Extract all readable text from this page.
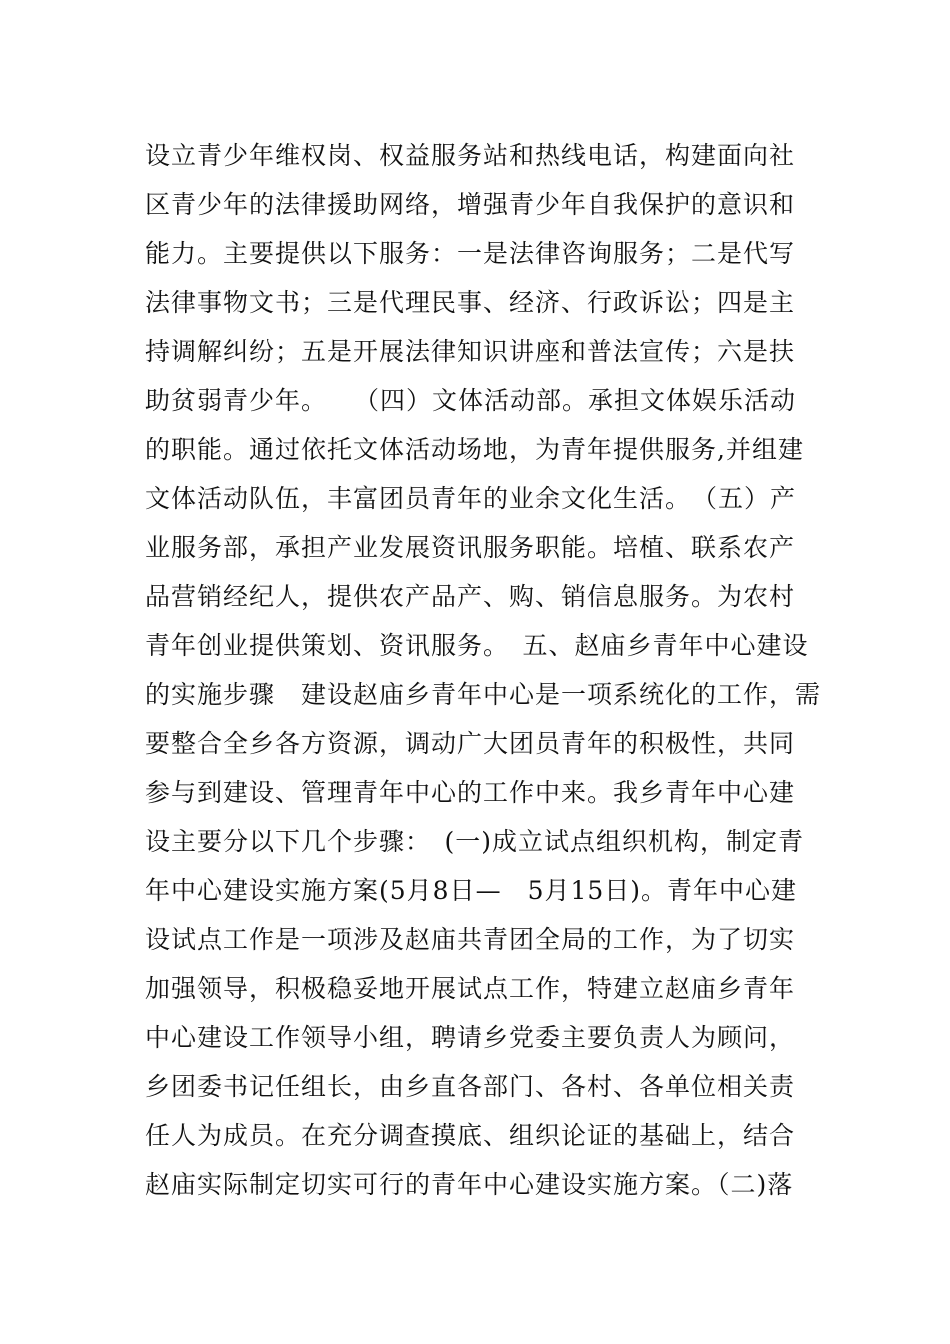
设立青少年维权岗、权益服务站和热线电话，构建面向社
区青少年的法律援助网络，增强青少年自我保护的意识和
能力。主要提供以下服务：一是法律咨询服务；二是代写
法律事物文书；三是代理民事、经济、行政诉讼；四是主
持调解纠纷；五是开展法律知识讲座和普法宣传；六是扶
助贫弱青少年。　　（四）文体活动部。承担文体娱乐活动
的职能。通过依托文体活动场地，为青年提供服务,并组建
文体活动队伍，丰富团员青年的业余文化生活。　（五）产
业服务部，承担产业发展资讯服务职能。培植、联系农产
品营销经纪人，提供农产品产、购、销信息服务。为农村
青年创业提供策划、资讯服务。　五、赵庙乡青年中心建设
的实施步骤　建设赵庙乡青年中心是一项系统化的工作，需
要整合全乡各方资源，调动广大团员青年的积极性，共同
参与到建设、管理青年中心的工作中来。我乡青年中心建
设主要分以下几个步骤：　(一)成立试点组织机构，制定青
年中心建设实施方案(5月8日—　5月15日)。青年中心建
设试点工作是一项涉及赵庙共青团全局的工作，为了切实
加强领导，积极稳妥地开展试点工作，特建立赵庙乡青年
中心建设工作领导小组，聘请乡党委主要负责人为顾问，
乡团委书记任组长，由乡直各部门、各村、各单位相关责
任人为成员。在充分调查摸底、组织论证的基础上，结合
赵庙实际制定切实可行的青年中心建设实施方案。（二)落
